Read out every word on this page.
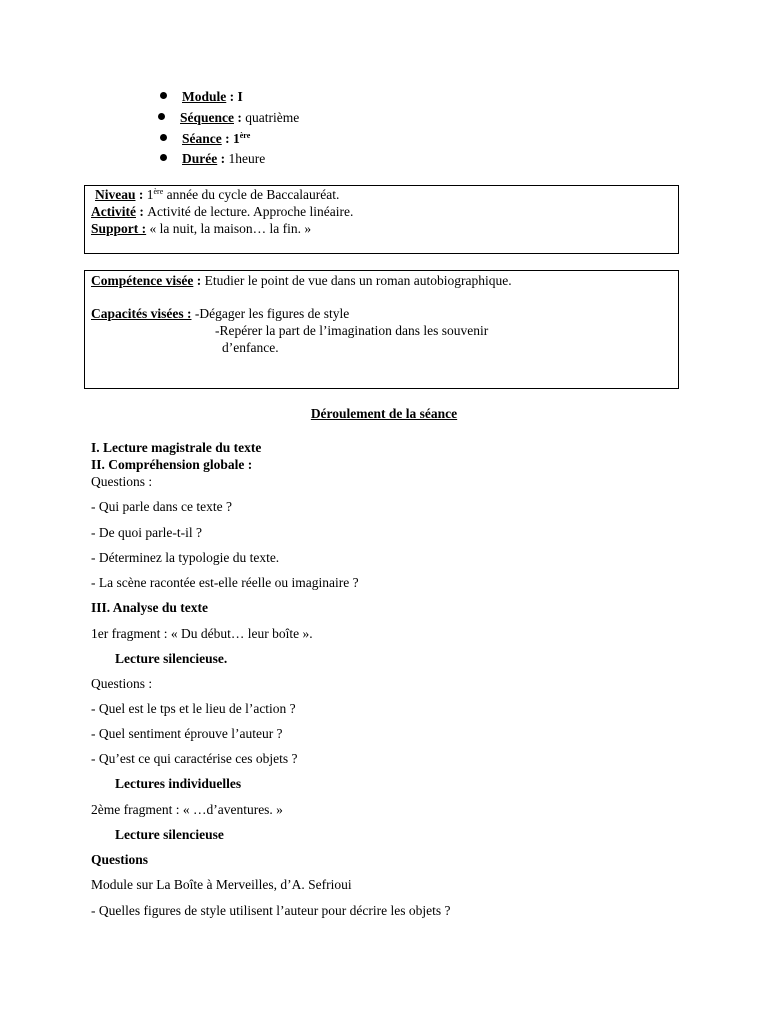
Module : I
Séquence : quatrième
Séance : 1ère
Durée : 1heure
Niveau : 1ère année du cycle de Baccalauréat.
Activité : Activité de lecture. Approche linéaire.
Support : « la nuit, la maison… la fin. »
Compétence visée : Etudier le point de vue dans un roman autobiographique.
Capacités visées : -Dégager les figures de style
-Repérer la part de l’imagination dans les souvenir
d’enfance.
Déroulement de la séance
I. Lecture magistrale du texte
II. Compréhension globale :
Questions :
- Qui parle dans ce texte ?
- De quoi parle-t-il ?
- Déterminez la typologie du texte.
- La scène racontée est-elle réelle ou imaginaire ?
III. Analyse du texte
1er fragment : « Du début… leur boîte ».
Lecture silencieuse.
Questions :
- Quel est le tps et le lieu de l’action ?
- Quel sentiment éprouve l’auteur ?
- Qu’est ce qui caractérise ces objets ?
Lectures individuelles
2ème fragment : « …d’aventures. »
Lecture silencieuse
Questions
Module sur La Boîte à Merveilles, d’A. Sefrioui
- Quelles figures de style utilisent l’auteur pour décrire les objets ?
